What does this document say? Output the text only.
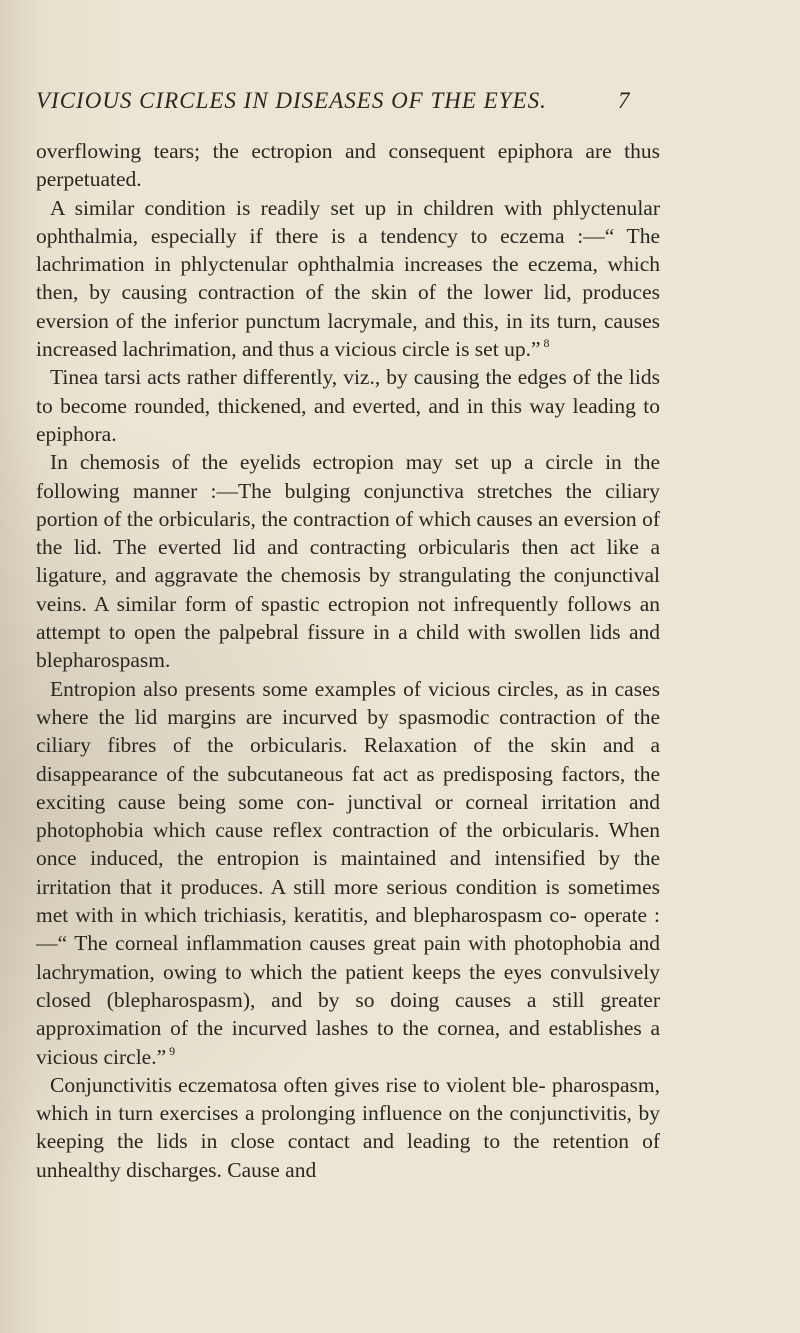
VICIOUS CIRCLES IN DISEASES OF THE EYES.	7

overflowing tears; the ectropion and consequent epiphora are thus perpetuated.

A similar condition is readily set up in children with phlyctenular ophthalmia, especially if there is a tendency to eczema :—“ The lachrimation in phlyctenular ophthalmia increases the eczema, which then, by causing contraction of the skin of the lower lid, produces eversion of the inferior punctum lacrymale, and this, in its turn, causes increased lachrimation, and thus a vicious circle is set up.” $^8$

Tinea tarsi acts rather differently, viz., by causing the edges of the lids to become rounded, thickened, and everted, and in this way leading to epiphora.

In chemosis of the eyelids ectropion may set up a circle in the following manner :—The bulging conjunctiva stretches the ciliary portion of the orbicularis, the contraction of which causes an eversion of the lid. The everted lid and contracting orbicularis then act like a ligature, and aggravate the chemosis by strangulating the conjunctival veins. A similar form of spastic ectropion not infrequently follows an attempt to open the palpebral fissure in a child with swollen lids and blepharospasm.

Entropion also presents some examples of vicious circles, as in cases where the lid margins are incurved by spasmodic contraction of the ciliary fibres of the orbicularis. Relaxation of the skin and a disappearance of the subcutaneous fat act as predisposing factors, the exciting cause being some con- junctival or corneal irritation and photophobia which cause reflex contraction of the orbicularis. When once induced, the entropion is maintained and intensified by the irritation that it produces. A still more serious condition is sometimes met with in which trichiasis, keratitis, and blepharospasm co- operate :—“ The corneal inflammation causes great pain with photophobia and lachrymation, owing to which the patient keeps the eyes convulsively closed (blepharospasm), and by so doing causes a still greater approximation of the incurved lashes to the cornea, and establishes a vicious circle.” $^9$

Conjunctivitis eczematosa often gives rise to violent ble- pharospasm, which in turn exercises a prolonging influence on the conjunctivitis, by keeping the lids in close contact and leading to the retention of unhealthy discharges. Cause and
